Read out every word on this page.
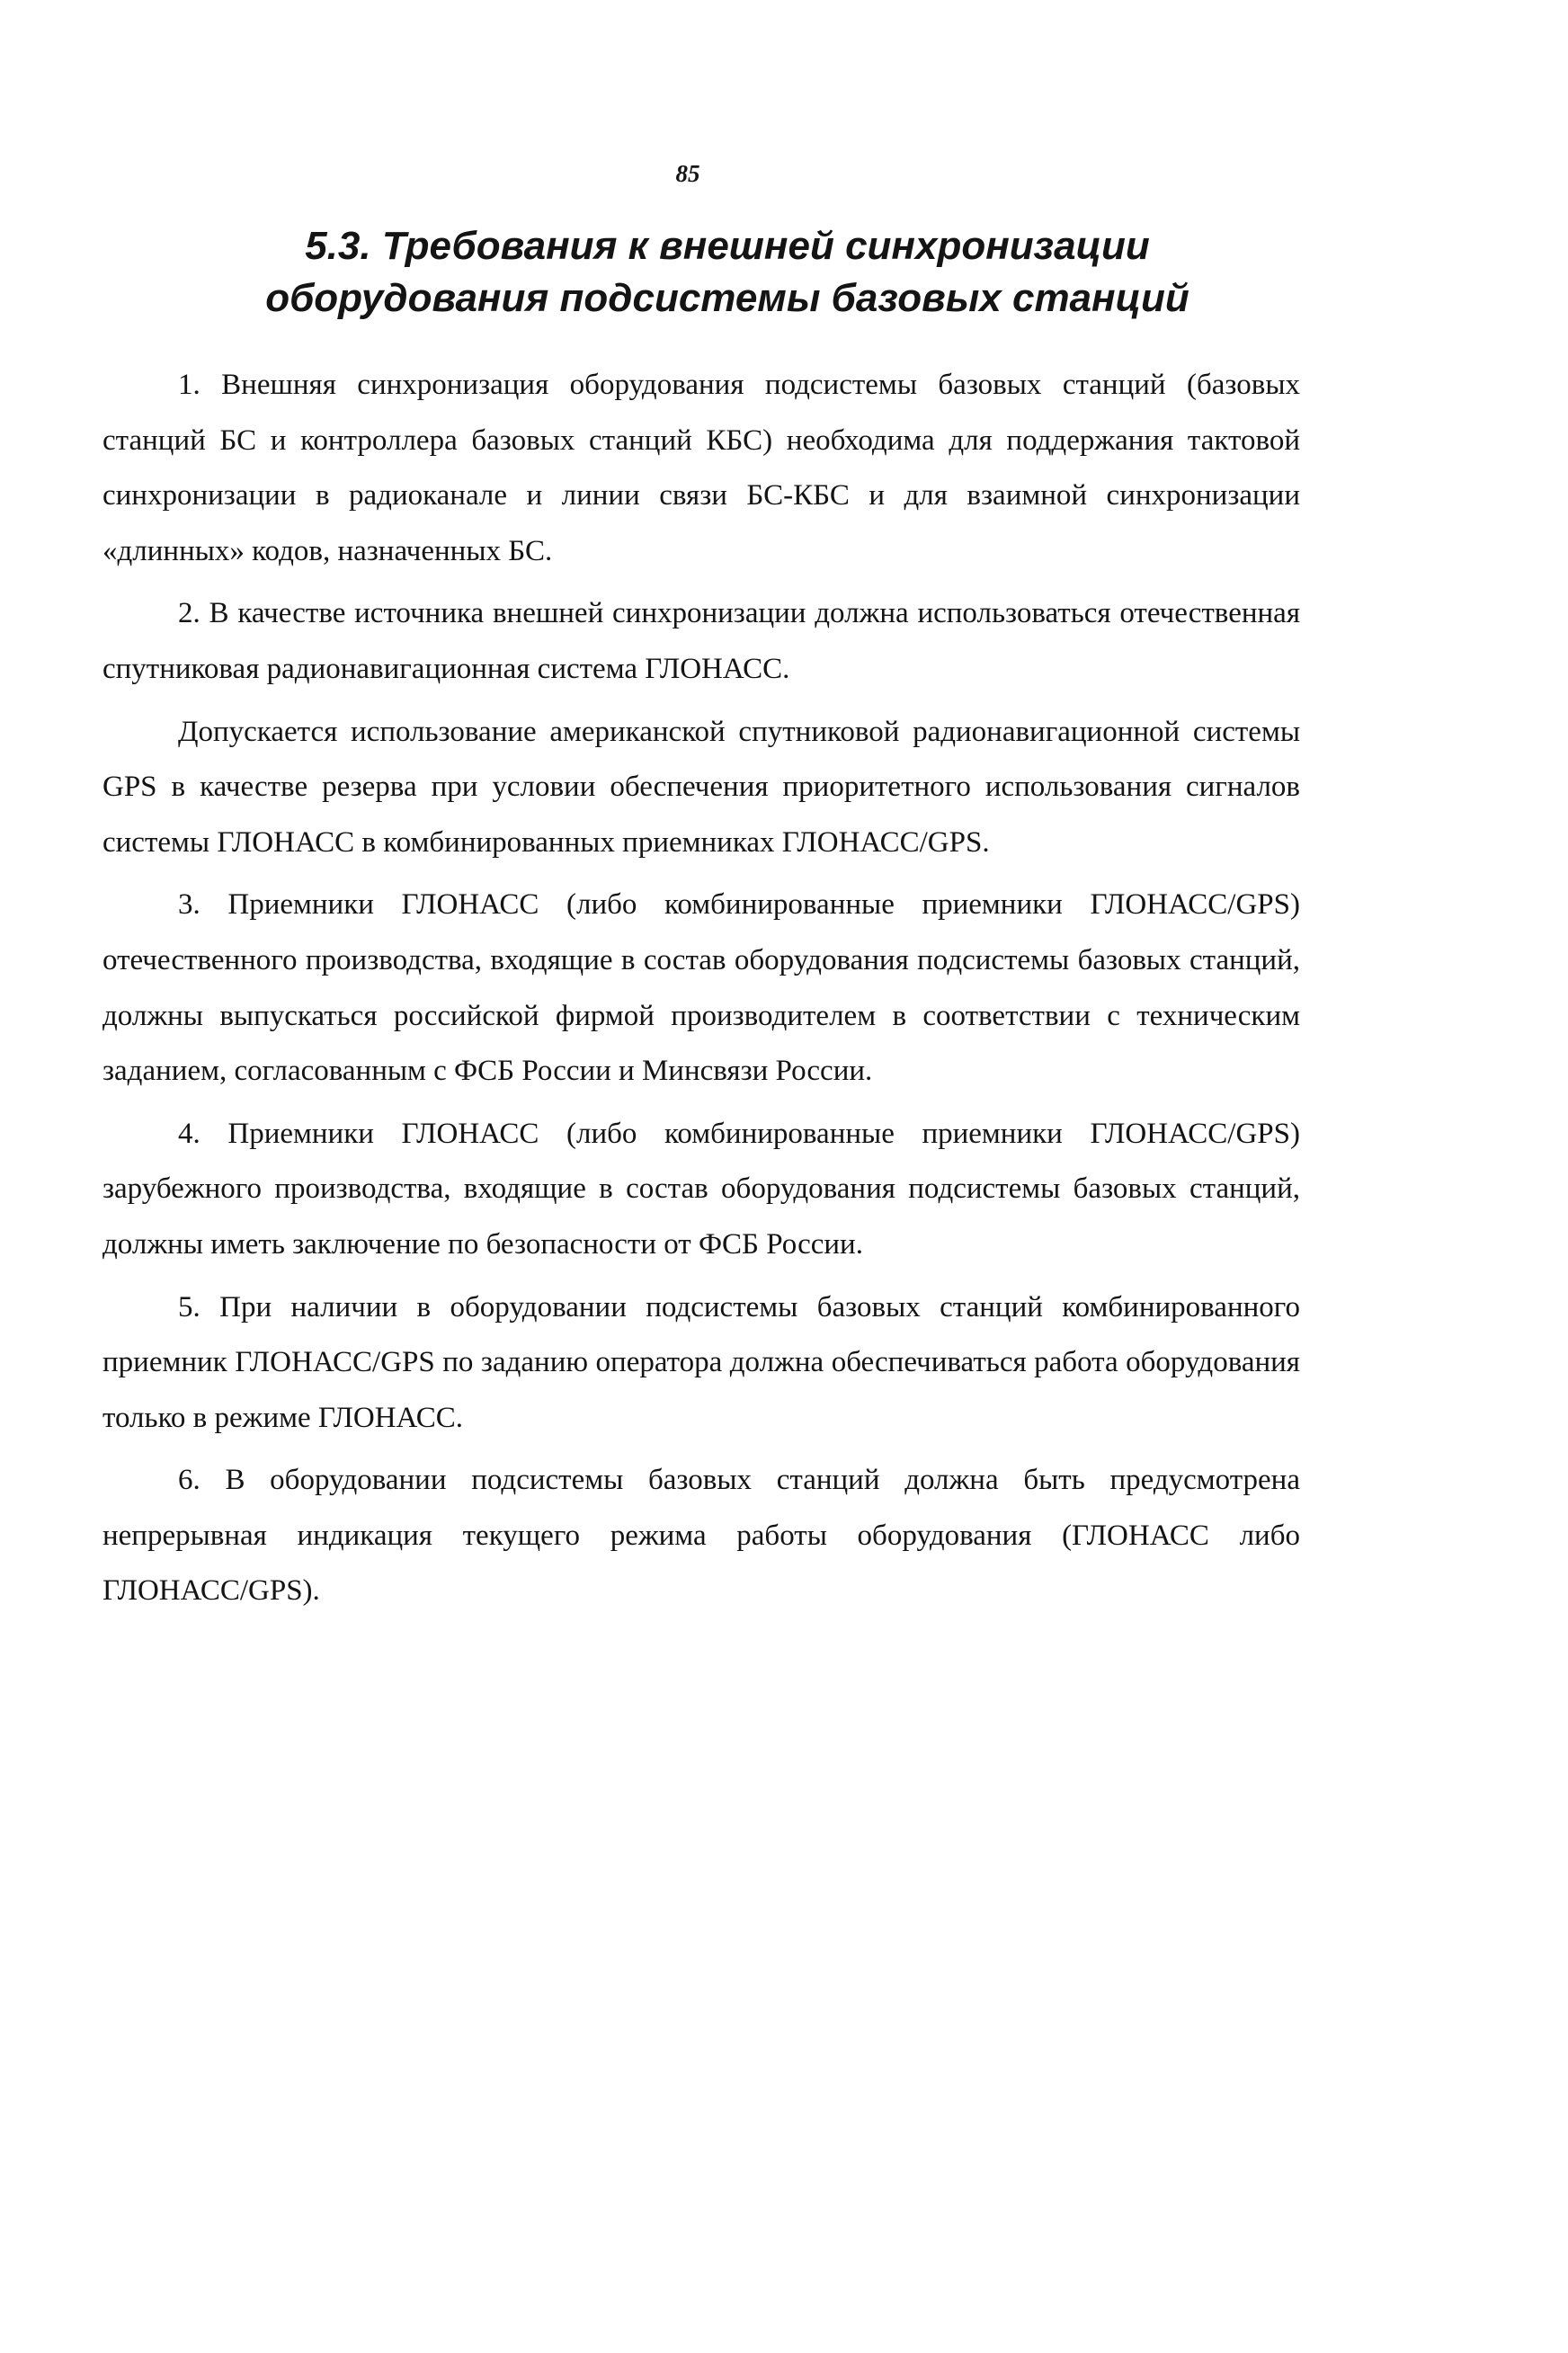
85
5.3. Требования к внешней синхронизации оборудования подсистемы базовых станций

1. Внешняя синхронизация оборудования подсистемы базовых станций (базовых станций БС и контроллера базовых станций КБС) необходима для поддержания тактовой синхронизации в радиоканале и линии связи БС-КБС и для взаимной синхронизации «длинных» кодов, назначенных БС.

2. В качестве источника внешней синхронизации должна использоваться отечественная спутниковая радионавигационная система ГЛОНАСС.

Допускается использование американской спутниковой радионавигационной системы GPS в качестве резерва при условии обеспечения приоритетного использования сигналов системы ГЛОНАСС в комбинированных приемниках ГЛОНАСС/GPS.

3. Приемники ГЛОНАСС (либо комбинированные приемники ГЛОНАСС/GPS) отечественного производства, входящие в состав оборудования подсистемы базовых станций, должны выпускаться российской фирмой производителем в соответствии с техническим заданием, согласованным с ФСБ России и Минсвязи России.

4. Приемники ГЛОНАСС (либо комбинированные приемники ГЛОНАСС/GPS) зарубежного производства, входящие в состав оборудования подсистемы базовых станций, должны иметь заключение по безопасности от ФСБ России.

5. При наличии в оборудовании подсистемы базовых станций комбинированного приемник ГЛОНАСС/GPS по заданию оператора должна обеспечиваться работа оборудования только в режиме ГЛОНАСС.

6. В оборудовании подсистемы базовых станций должна быть предусмотрена непрерывная индикация текущего режима работы оборудования (ГЛОНАСС либо ГЛОНАСС/GPS).
